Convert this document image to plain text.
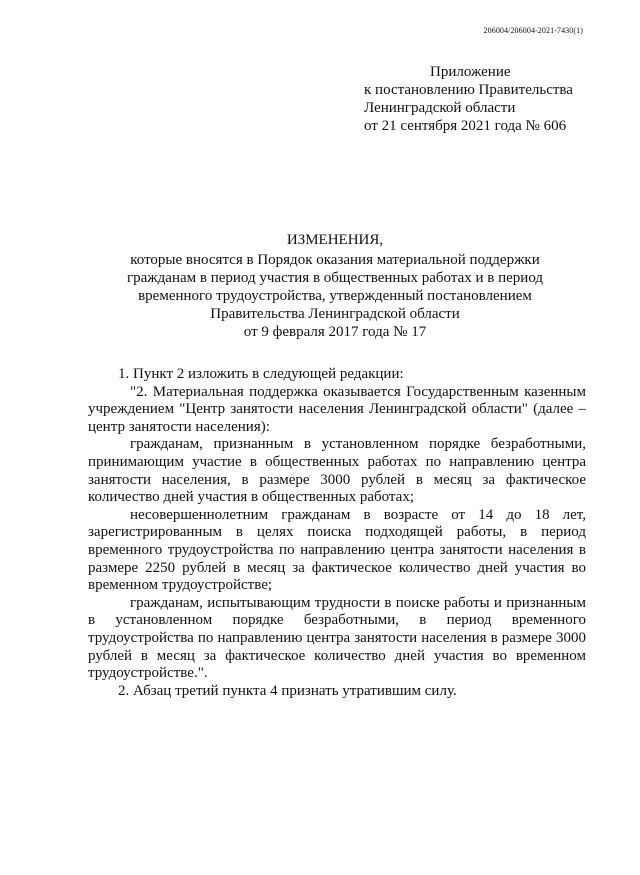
206004/206004-2021-7430(1)
Приложение
к постановлению Правительства
Ленинградской области
от 21 сентября 2021 года № 606
ИЗМЕНЕНИЯ,
которые вносятся в Порядок оказания материальной поддержки
гражданам в период участия в общественных работах и в период
временного трудоустройства, утвержденный постановлением
Правительства Ленинградской области
от 9 февраля 2017 года № 17

1. Пункт 2 изложить в следующей редакции:

"2. Материальная поддержка оказывается Государственным казенным учреждением "Центр занятости населения Ленинградской области" (далее – центр занятости населения):

гражданам, признанным в установленном порядке безработными, принимающим участие в общественных работах по направлению центра занятости населения, в размере 3000 рублей в месяц за фактическое количество дней участия в общественных работах;

несовершеннолетним гражданам в возрасте от 14 до 18 лет, зарегистрированным в целях поиска подходящей работы, в период временного трудоустройства по направлению центра занятости населения в размере 2250 рублей в месяц за фактическое количество дней участия во временном трудоустройстве;

гражданам, испытывающим трудности в поиске работы и признанным в установленном порядке безработными, в период временного трудоустройства по направлению центра занятости населения в размере 3000 рублей в месяц за фактическое количество дней участия во временном трудоустройстве.".

2. Абзац третий пункта 4 признать утратившим силу.
